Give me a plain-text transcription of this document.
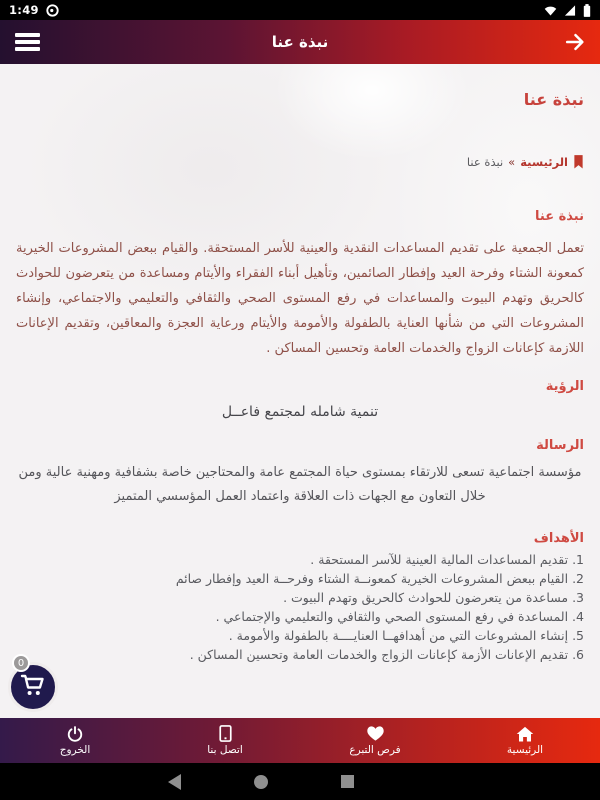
1:49
نبذة عنا
نبذة عنا
الرئيسية
»
نبذة عنا
نبذة عنا

تعمل الجمعية على تقديم المساعدات النقدية والعينية للأسر المستحقة. والقيام ببعض المشروعات الخيرية كمعونة الشتاء وفرحة العيد وإفطار الصائمين، وتأهيل أبناء الفقراء والأيتام ومساعدة من يتعرضون للحوادث كالحريق وتهدم البيوت والمساعدات في رفع المستوى الصحي والثقافي والتعليمي والاجتماعي، وإنشاء المشروعات التي من شأنها العناية بالطفولة والأمومة والأيتام ورعاية العجزة والمعاقين، وتقديم الإعانات اللازمة كإعانات الزواج والخدمات العامة وتحسين المساكن .

الرؤية

تنمية شامله لمجتمع فاعــل

الرسالة

مؤسسة اجتماعية تسعى للارتقاء بمستوى حياة المجتمع عامة والمحتاجين خاصة بشفافية ومهنية عالية ومن خلال التعاون مع الجهات ذات العلاقة واعتماد العمل المؤسسي المتميز

الأهداف
1. تقديم المساعدات المالية العينية للآسر المستحقة .
2. القيام ببعض المشروعات الخيرية كمعونــة الشتاء وفرحــة العيد وإفطار صائم
3. مساعدة من يتعرضون للحوادث كالحريق وتهدم البيوت .
4. المساعدة في رفع المستوى الصحي والثقافي والتعليمي والإجتماعي .
5. إنشاء المشروعات التي من أهدافهــا العنايــــة بالطفولة والأمومة .
6. تقديم الإعانات الأزمة كإعانات الزواج والخدمات العامة وتحسين المساكن .
0
الرئيسية
فرص التبرع
اتصل بنا
الخروج
